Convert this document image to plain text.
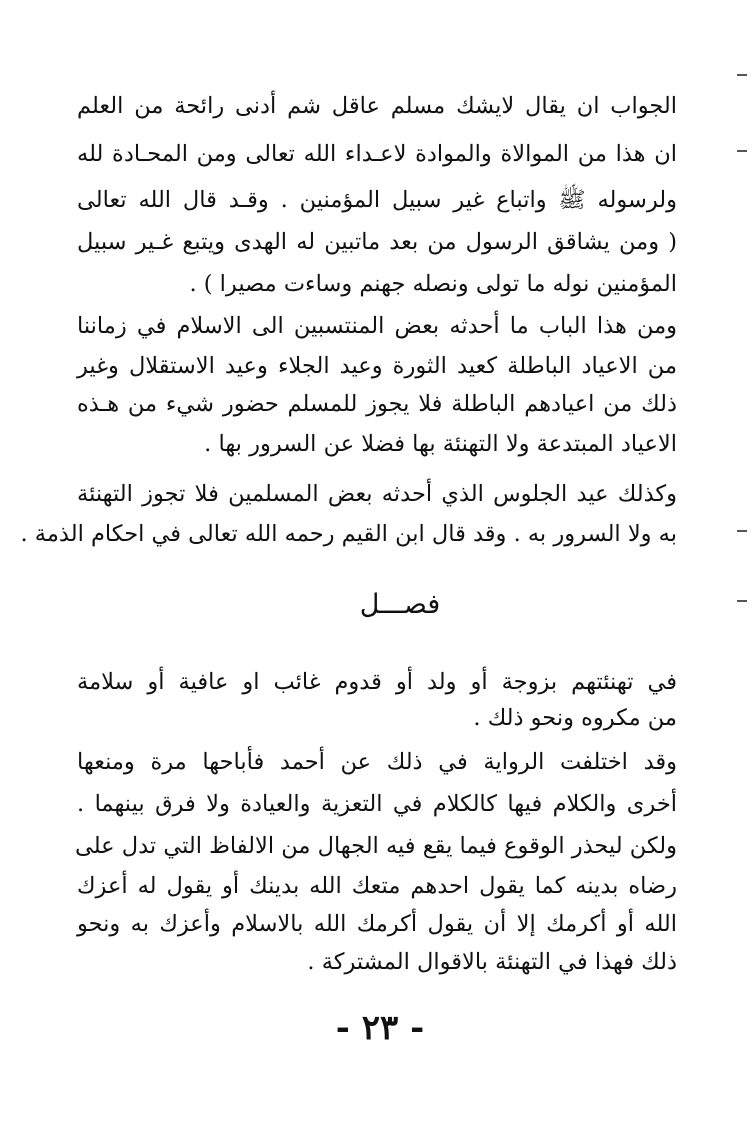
الجواب ان يقال لايشك مسلم عاقل شم أدنى رائحة من العلم
ان هذا من الموالاة والموادة لاعـداء الله تعالى ومن المحـادة لله
ولرسوله ﷺ واتباع غير سبيل المؤمنين . وقـد قال الله تعالى
( ومن يشاقق الرسول من بعد ماتبين له الهدى ويتبع غـير سبيل
المؤمنين نوله ما تولى ونصله جهنم وساءت مصيرا ) .
ومن هذا الباب ما أحدثه بعض المنتسبين الى الاسلام في زماننا
من الاعياد الباطلة كعيد الثورة وعيد الجلاء وعيد الاستقلال وغير
ذلك من اعيادهم الباطلة فلا يجوز للمسلم حضور شيء من هـذه
الاعياد المبتدعة ولا التهنئة بها فضلا عن السرور بها .
وكذلك عيد الجلوس الذي أحدثه بعض المسلمين فلا تجوز التهنئة
به ولا السرور به . وقد قال ابن القيم رحمه الله تعالى في احكام الذمة .
فصـــل
في تهنئتهم بزوجة أو ولد أو قدوم غائب او عافية أو سلامة
من مكروه ونحو ذلك .
وقد اختلفت الرواية في ذلك عن أحمد فأباحها مرة ومنعها
أخرى والكلام فيها كالكلام في التعزية والعيادة ولا فرق بينهما .
ولكن ليحذر الوقوع فيما يقع فيه الجهال من الالفاظ التي تدل على
رضاه بدينه كما يقول احدهم متعك الله بدينك أو يقول له أعزك
الله أو أكرمك إلا أن يقول أكرمك الله بالاسلام وأعزك به ونحو
ذلك فهذا في التهنئة بالاقوال المشتركة .
- ٢٣ -
